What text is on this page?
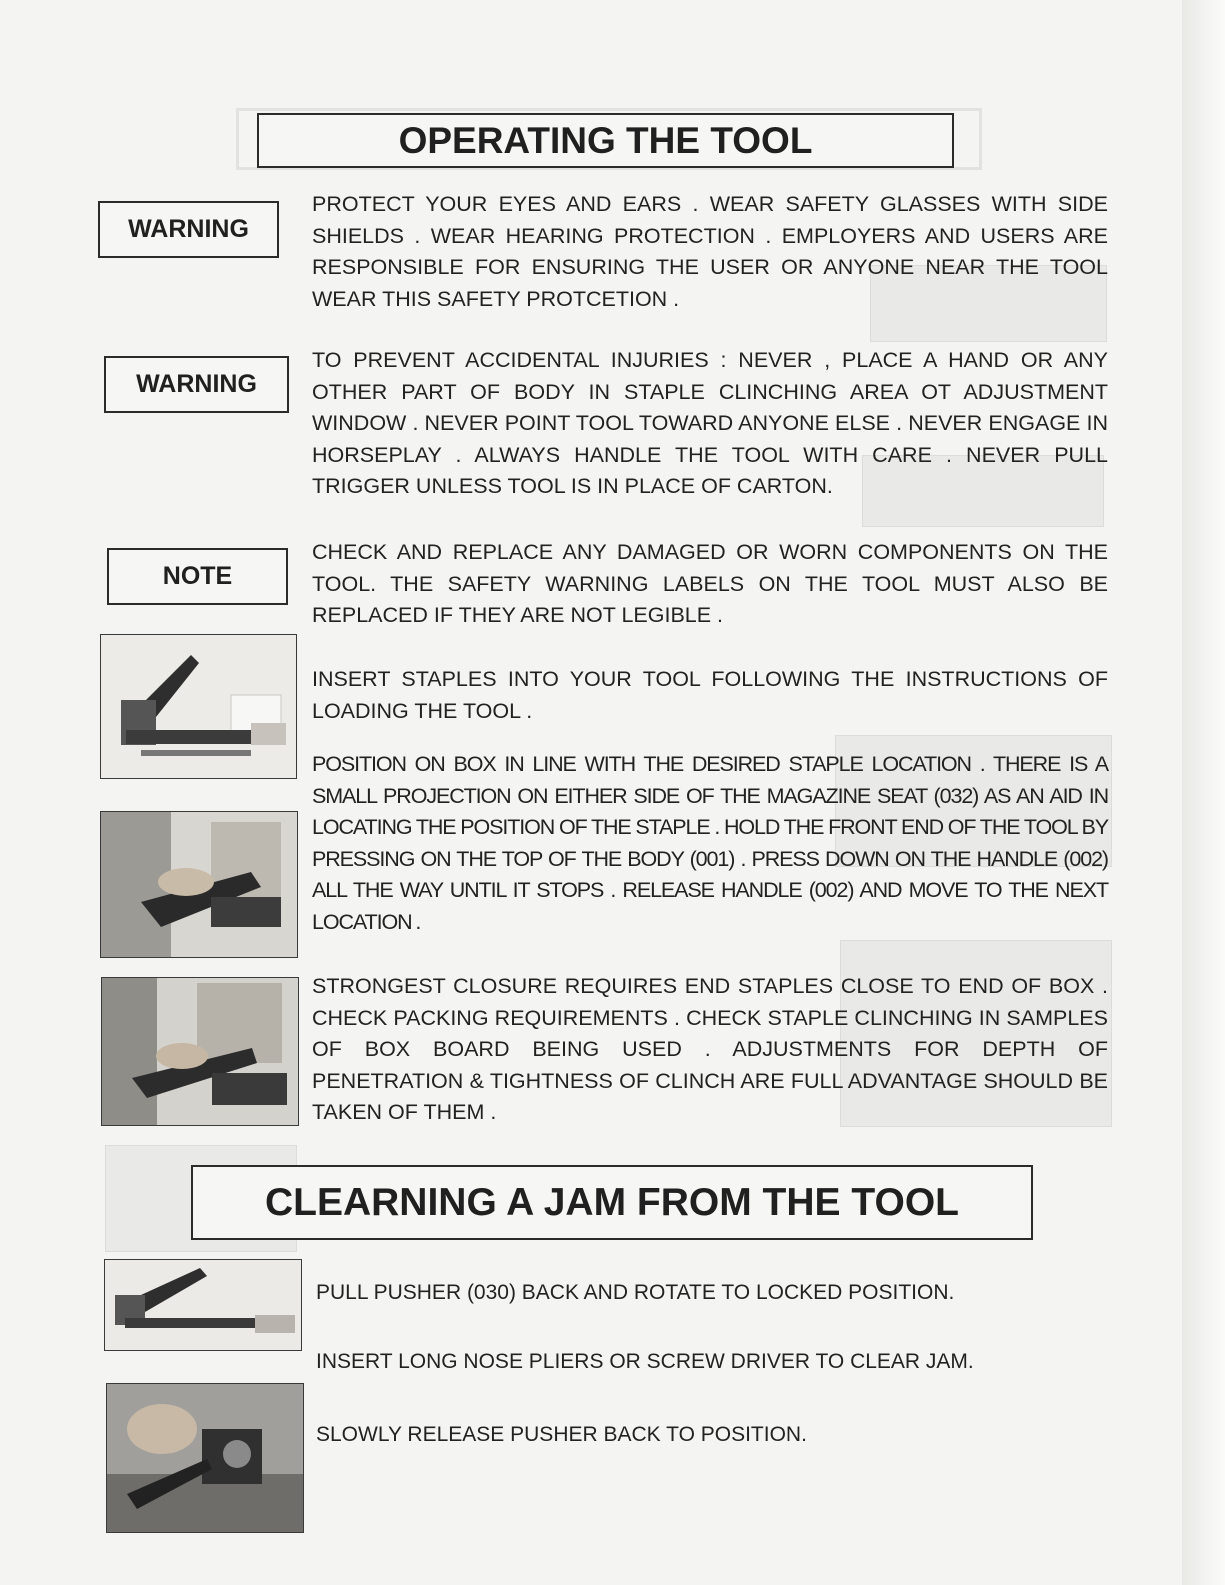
OPERATING THE TOOL
WARNING
WARNING
NOTE
PROTECT YOUR EYES AND EARS . WEAR SAFETY GLASSES WITH SIDE SHIELDS . WEAR HEARING PROTECTION . EMPLOYERS AND USERS ARE RESPONSIBLE FOR ENSURING THE USER OR ANYONE NEAR THE TOOL WEAR THIS SAFETY PROTCETION .
TO PREVENT ACCIDENTAL INJURIES : NEVER , PLACE A HAND OR ANY OTHER PART OF BODY IN STAPLE CLINCHING AREA OT ADJUSTMENT WINDOW . NEVER POINT TOOL TOWARD ANYONE ELSE . NEVER ENGAGE IN HORSEPLAY . ALWAYS HANDLE THE TOOL WITH CARE . NEVER PULL TRIGGER UNLESS TOOL IS IN PLACE OF CARTON.
CHECK AND REPLACE ANY DAMAGED OR WORN COMPONENTS ON THE TOOL. THE SAFETY WARNING LABELS ON THE TOOL MUST ALSO BE REPLACED IF THEY ARE NOT LEGIBLE .
INSERT STAPLES INTO YOUR TOOL FOLLOWING THE INSTRUCTIONS OF LOADING THE TOOL .
POSITION ON BOX IN LINE WITH THE DESIRED STAPLE LOCATION . THERE IS A SMALL PROJECTION ON EITHER SIDE OF THE MAGAZINE SEAT (032) AS AN AID IN LOCATING THE POSITION OF THE STAPLE . HOLD THE FRONT END OF THE TOOL BY PRESSING ON THE TOP OF THE BODY (001) . PRESS DOWN ON THE HANDLE (002) ALL THE WAY UNTIL IT STOPS . RELEASE HANDLE (002) AND MOVE TO THE NEXT LOCATION .
STRONGEST CLOSURE REQUIRES END STAPLES CLOSE TO END OF BOX . CHECK PACKING REQUIREMENTS . CHECK STAPLE CLINCHING IN SAMPLES OF BOX BOARD BEING USED . ADJUSTMENTS FOR DEPTH OF PENETRATION & TIGHTNESS OF CLINCH ARE FULL ADVANTAGE SHOULD BE TAKEN OF THEM .
CLEARNING A JAM FROM THE TOOL
PULL PUSHER (030) BACK AND ROTATE TO LOCKED POSITION.
INSERT LONG NOSE PLIERS OR SCREW DRIVER TO CLEAR JAM.
SLOWLY RELEASE PUSHER BACK TO POSITION.
